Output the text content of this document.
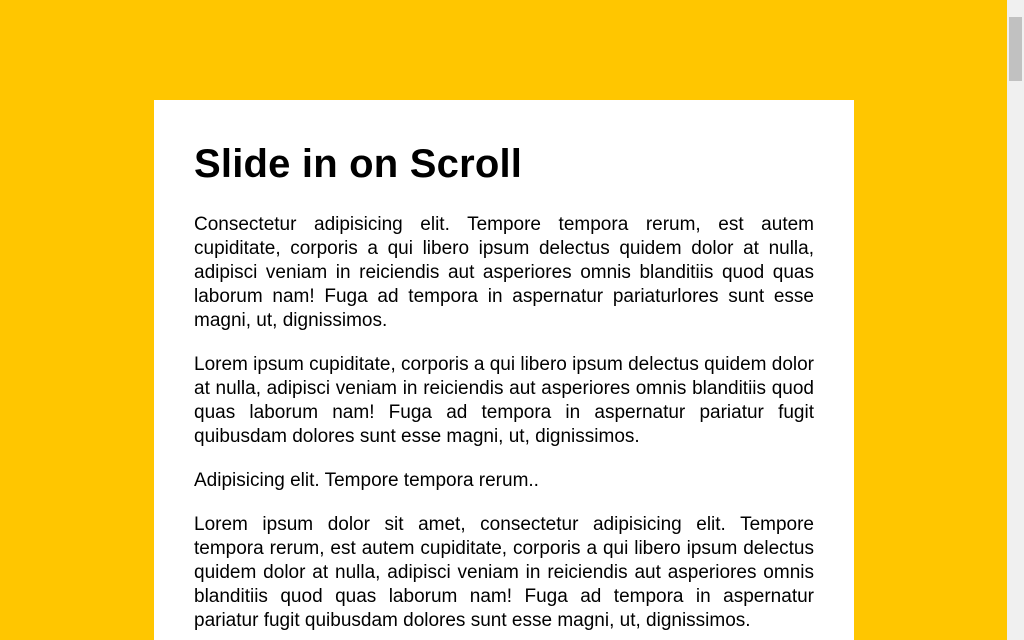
Slide in on Scroll

Consectetur adipisicing elit. Tempore tempora rerum, est autem cupiditate, corporis a qui libero ipsum delectus quidem dolor at nulla, adipisci veniam in reiciendis aut asperiores omnis blanditiis quod quas laborum nam! Fuga ad tempora in aspernatur pariaturlores sunt esse magni, ut, dignissimos.

Lorem ipsum cupiditate, corporis a qui libero ipsum delectus quidem dolor at nulla, adipisci veniam in reiciendis aut asperiores omnis blanditiis quod quas laborum nam! Fuga ad tempora in aspernatur pariatur fugit quibusdam dolores sunt esse magni, ut, dignissimos.

Adipisicing elit. Tempore tempora rerum..

Lorem ipsum dolor sit amet, consectetur adipisicing elit. Tempore tempora rerum, est autem cupiditate, corporis a qui libero ipsum delectus quidem dolor at nulla, adipisci veniam in reiciendis aut asperiores omnis blanditiis quod quas laborum nam! Fuga ad tempora in aspernatur pariatur fugit quibusdam dolores sunt esse magni, ut, dignissimos.
